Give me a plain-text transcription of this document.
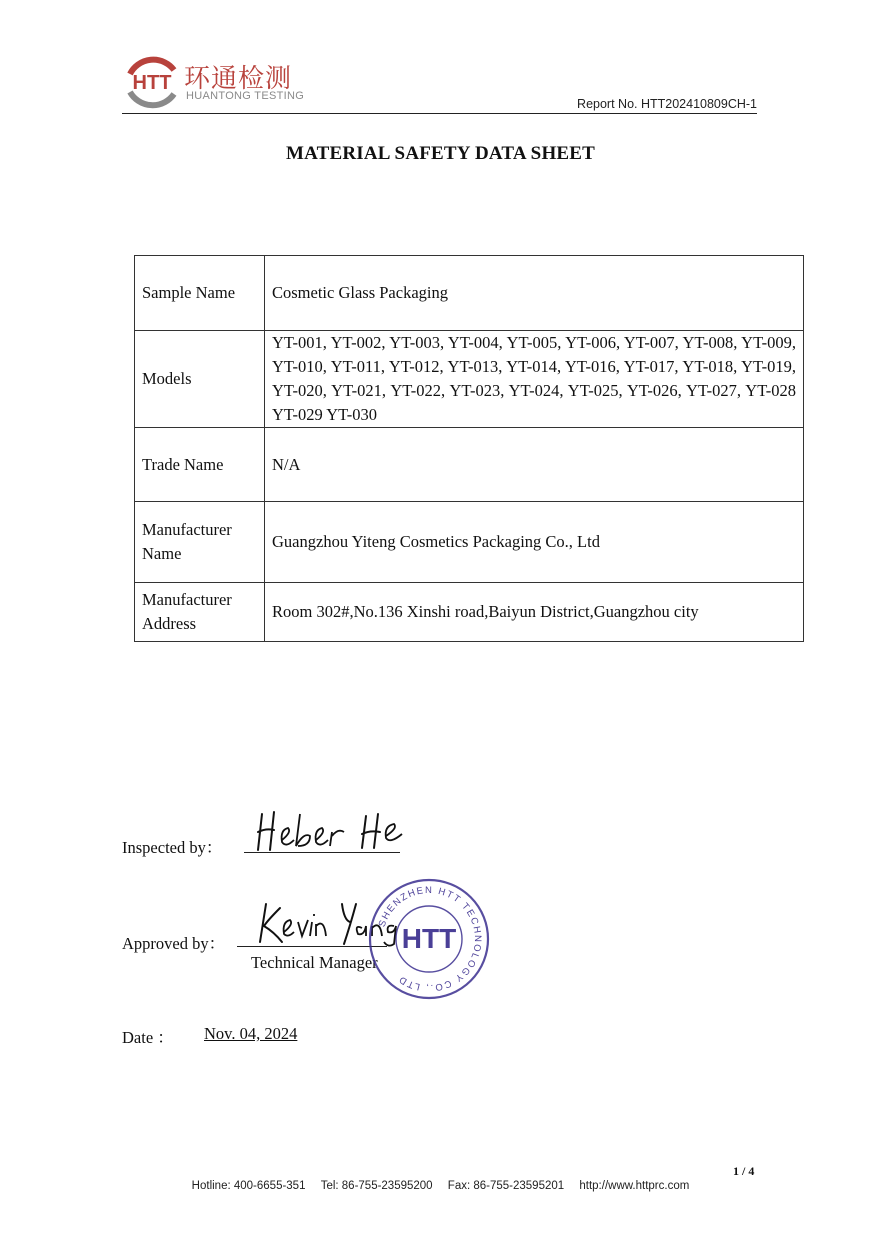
HTT 环通检测
HUANTONG TESTING
Report No. HTT202410809CH-1
MATERIAL SAFETY DATA SHEET
Sample Name	Cosmetic Glass Packaging
Models	YT-001, YT-002, YT-003, YT-004, YT-005, YT-006, YT-007, YT-008, YT-009, YT-010, YT-011, YT-012, YT-013, YT-014, YT-016, YT-017, YT-018, YT-019, YT-020, YT-021, YT-022, YT-023, YT-024, YT-025, YT-026, YT-027, YT-028 YT-029 YT-030
Trade Name	N/A
Manufacturer Name	Guangzhou Yiteng Cosmetics Packaging Co., Ltd
Manufacturer Address	Room 302#,No.136 Xinshi road,Baiyun District,Guangzhou city
Inspected by：
Approved by：
Technical Manager
SHENZHEN HTT TECHNOLOGY CO., LTD
HTT
Date ： Nov. 04, 2024
1 / 4
Hotline: 400-6655-351 Tel: 86-755-23595200 Fax: 86-755-23595201 http://www.httprc.com
